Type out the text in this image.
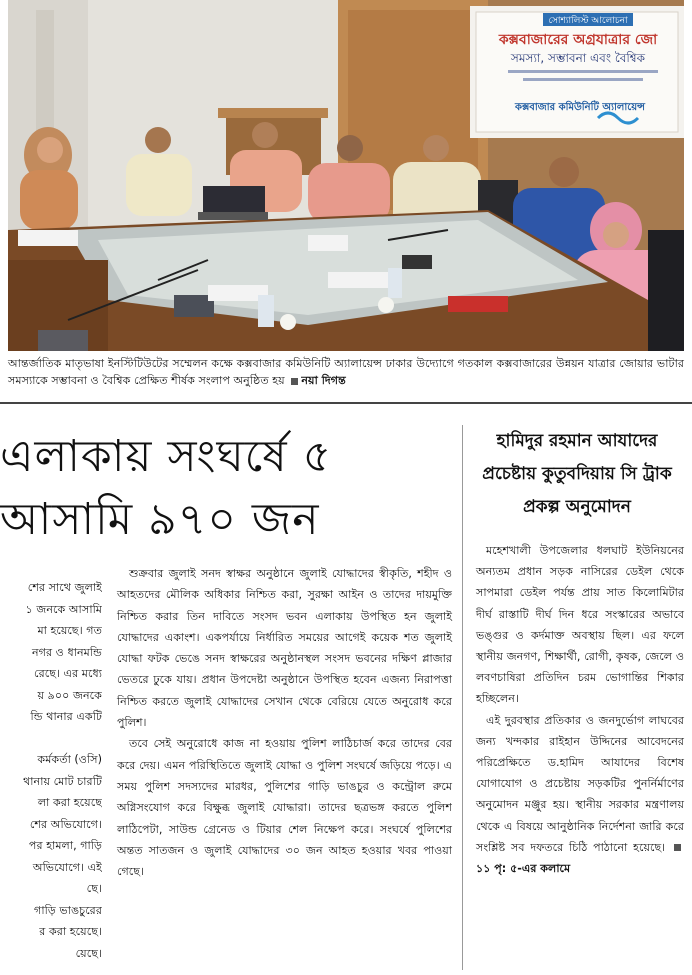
সোশ্যালিস্ট আলোচনা
কক্সবাজারের অগ্রযাত্রার জো
সমস্যা, সম্ভাবনা এবং বৈশ্বিক
কক্সবাজার কমিউনিটি অ্যালায়েন্স
আন্তর্জাতিক মাতৃভাষা ইনস্টিটিউটের সম্মেলন কক্ষে কক্সবাজার কমিউনিটি অ্যালায়েন্স ঢাকার উদ্যোগে গতকাল কক্সবাজারের উন্নয়ন যাত্রার জোয়ার ভাটার সমস্যাকে সম্ভাবনা ও বৈশ্বিক প্রেক্ষিত শীর্ষক সংলাপ অনুষ্ঠিত হয় নয়া দিগন্ত
এলাকায় সংঘর্ষে ৫
আসামি ৯৭০ জন

শের সাথে জুলাই

১ জনকে আসামি

মা হয়েছে। গত

নগর ও ধানমন্ডি

রেছে। এর মধ্যে

য় ৯০০ জনকে

ন্ডি থানার একটি

কর্মকর্তা (ওসি)

থানায় মোট চারটি

লা করা হয়েছে

শের অভিযোগে।

পর হামলা, গাড়ি

অভিযোগে। এই

ছে।

গাড়ি ভাঙচুরের

র করা হয়েছে।

য়েছে।

শুক্রবার জুলাই সনদ স্বাক্ষর অনুষ্ঠানে জুলাই যোদ্ধাদের স্বীকৃতি, শহীদ ও আহতদের মৌলিক অধিকার নিশ্চিত করা, সুরক্ষা আইন ও তাদের দায়মুক্তি নিশ্চিত করার তিন দাবিতে সংসদ ভবন এলাকায় উপস্থিত হন জুলাই যোদ্ধাদের একাংশ। একপর্যায়ে নির্ধারিত সময়ের আগেই কয়েক শত জুলাই যোদ্ধা ফটক ভেঙে সনদ স্বাক্ষরের অনুষ্ঠানস্থল সংসদ ভবনের দক্ষিণ প্লাজার ভেতরে ঢুকে যায়। প্রধান উপদেষ্টা অনুষ্ঠানে উপস্থিত হবেন এজন্য নিরাপত্তা নিশ্চিত করতে জুলাই যোদ্ধাদের সেখান থেকে বেরিয়ে যেতে অনুরোধ করে পুলিশ।

তবে সেই অনুরোধে কাজ না হওয়ায় পুলিশ লাঠিচার্জ করে তাদের বের করে দেয়। এমন পরিস্থিতিতে জুলাই যোদ্ধা ও পুলিশ সংঘর্ষে জড়িয়ে পড়ে। এ সময় পুলিশ সদস্যদের মারধর, পুলিশের গাড়ি ভাঙচুর ও কন্ট্রোল রুমে অগ্নিসংযোগ করে বিক্ষুব্ধ জুলাই যোদ্ধারা। তাদের ছত্রভঙ্গ করতে পুলিশ লাঠিপেটা, সাউন্ড গ্রেনেড ও টিয়ার শেল নিক্ষেপ করে। সংঘর্ষে পুলিশের অন্তত সাতজন ও জুলাই যোদ্ধাদের ৩০ জন আহত হওয়ার খবর পাওয়া গেছে।

হামিদুর রহমান আযাদের প্রচেষ্টায় কুতুবদিয়ায় সি ট্রাক প্রকল্প অনুমোদন

মহেশখালী উপজেলার ধলঘাট ইউনিয়নের অন্যতম প্রধান সড়ক নাসিরের ডেইল থেকে সাপমারা ডেইল পর্যন্ত প্রায় সাত কিলোমিটার দীর্ঘ রাস্তাটি দীর্ঘ দিন ধরে সংস্কারের অভাবে ভঙ্গুর ও কর্দমাক্ত অবস্থায় ছিল। এর ফলে স্থানীয় জনগণ, শিক্ষার্থী, রোগী, কৃষক, জেলে ও লবণচাষিরা প্রতিদিন চরম ভোগান্তির শিকার হচ্ছিলেন।

এই দুরবস্থার প্রতিকার ও জনদুর্ভোগ লাঘবের জন্য খন্দকার রাইহান উদ্দিনের আবেদনের পরিপ্রেক্ষিতে ড.হামিদ আযাদের বিশেষ যোগাযোগ ও প্রচেষ্টায় সড়কটির পুনর্নির্মাণের অনুমোদন মঞ্জুর হয়। স্থানীয় সরকার মন্ত্রণালয় থেকে এ বিষয়ে আনুষ্ঠানিক নির্দেশনা জারি করে সংশ্লিষ্ট সব দফতরে চিঠি পাঠানো হয়েছে। ১১ পৃ: ৫-এর কলামে
